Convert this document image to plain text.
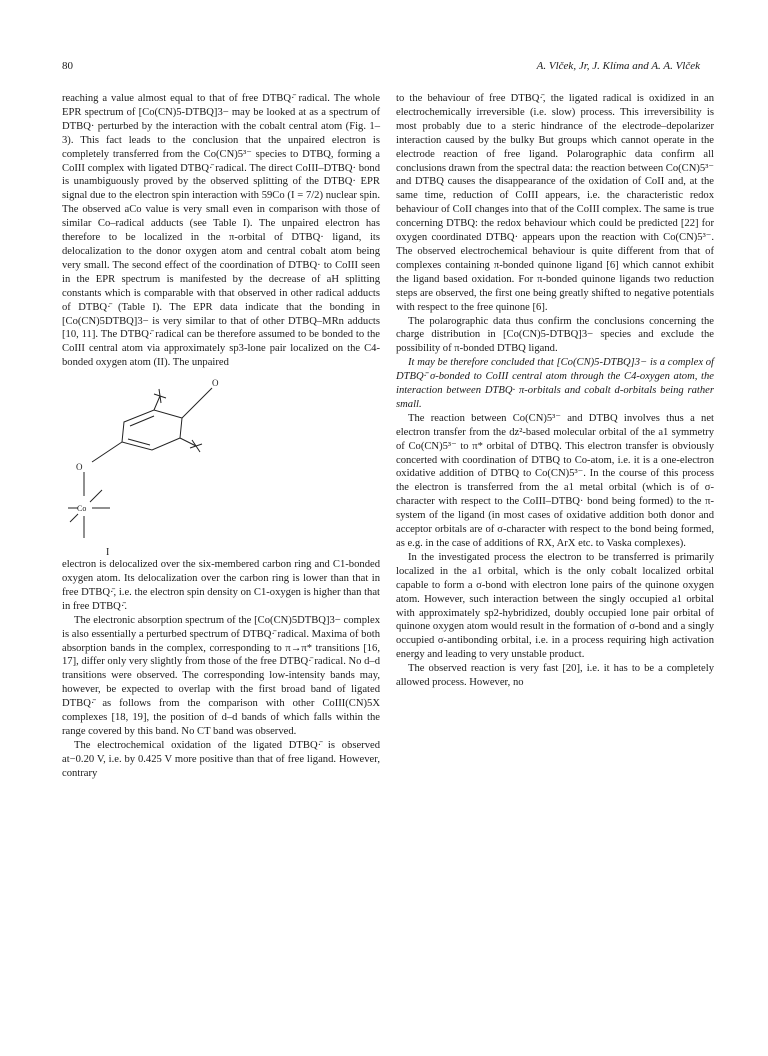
80	A. Vlček, Jr, J. Klíma and A. A. Vlček

reaching a value almost equal to that of free DTBQ·̄ radical. The whole EPR spectrum of [Co(CN)5-DTBQ]3− may be looked at as a spectrum of DTBQ· perturbed by the interaction with the cobalt central atom (Fig. 1–3). This fact leads to the conclusion that the unpaired electron is completely transferred from the Co(CN)5³⁻ species to DTBQ, forming a CoIII complex with ligated DTBQ·̄ radical. The direct CoIII–DTBQ· bond is unambiguously proved by the observed splitting of the DTBQ· EPR signal due to the electron spin interaction with 59Co (I = 7/2) nuclear spin. The observed aCo value is very small even in comparison with those of similar Co–radical adducts (see Table I). The unpaired electron has therefore to be localized in the π-orbital of DTBQ· ligand, its delocalization to the donor oxygen atom and central cobalt atom being very small. The second effect of the coordination of DTBQ· to CoIII seen in the EPR spectrum is manifested by the decrease of aH splitting constants which is comparable with that observed in other radical adducts of DTBQ·̄ (Table I). The EPR data indicate that the bonding in [Co(CN)5DTBQ]3− is very similar to that of other DTBQ–MRn adducts [10, 11]. The DTBQ·̄ radical can be therefore assumed to be bonded to the CoIII central atom via approximately sp3-lone pair localized on the C4-bonded oxygen atom (II). The unpaired

O
O
Co
I

electron is delocalized over the six-membered carbon ring and C1-bonded oxygen atom. Its delocalization over the carbon ring is lower than that in free DTBQ·̄, i.e. the electron spin density on C1-oxygen is higher than that in free DTBQ·̄.

The electronic absorption spectrum of the [Co(CN)5DTBQ]3− complex is also essentially a perturbed spectrum of DTBQ·̄ radical. Maxima of both absorption bands in the complex, corresponding to π→π* transitions [16, 17], differ only very slightly from those of the free DTBQ·̄ radical. No d–d transitions were observed. The corresponding low-intensity bands may, however, be expected to overlap with the first broad band of ligated DTBQ·̄ as follows from the comparison with other CoIII(CN)5X complexes [18, 19], the position of d–d bands of which falls within the range covered by this band. No CT band was observed.

The electrochemical oxidation of the ligated DTBQ·̄ is observed at−0.20 V, i.e. by 0.425 V more positive than that of free ligand. However, contrary

to the behaviour of free DTBQ·̄, the ligated radical is oxidized in an electrochemically irreversible (i.e. slow) process. This irreversibility is most probably due to a steric hindrance of the electrode–depolarizer interaction caused by the bulky But groups which cannot operate in the electrode reaction of free ligand. Polarographic data confirm all conclusions drawn from the spectral data: the reaction between Co(CN)5³⁻ and DTBQ causes the disappearance of the oxidation of CoII and, at the same time, reduction of CoIII appears, i.e. the characteristic redox behaviour of CoII changes into that of the CoIII complex. The same is true concerning DTBQ: the redox behaviour which could be predicted [22] for oxygen coordinated DTBQ· appears upon the reaction with Co(CN)5³⁻. The observed electrochemical behaviour is quite different from that of complexes containing π-bonded quinone ligand [6] which cannot exhibit the ligand based oxidation. For π-bonded quinone ligands two reduction steps are observed, the first one being greatly shifted to negative potentials with respect to the free quinone [6].

The polarographic data thus confirm the conclusions concerning the charge distribution in [Co(CN)5-DTBQ]3− species and exclude the possibility of π-bonded DTBQ ligand.

It may be therefore concluded that [Co(CN)5-DTBQ]3− is a complex of DTBQ·̄ σ-bonded to CoIII central atom through the C4-oxygen atom, the interaction between DTBQ· π-orbitals and cobalt d-orbitals being rather small.

The reaction between Co(CN)5³⁻ and DTBQ involves thus a net electron transfer from the dz²-based molecular orbital of the a1 symmetry of Co(CN)5³⁻ to π* orbital of DTBQ. This electron transfer is obviously concerted with coordination of DTBQ to Co-atom, i.e. it is a one-electron oxidative addition of DTBQ to Co(CN)5³⁻. In the course of this process the electron is transferred from the a1 metal orbital (which is of σ-character with respect to the CoIII–DTBQ· bond being formed) to the π-system of the ligand (in most cases of oxidative addition both donor and acceptor orbitals are of σ-character with respect to the bond being formed, as e.g. in the case of additions of RX, ArX etc. to Vaska complexes).

In the investigated process the electron to be transferred is primarily localized in the a1 orbital, which is the only cobalt localized orbital capable to form a σ-bond with electron lone pairs of the quinone oxygen atom. However, such interaction between the singly occupied a1 orbital with approximately sp2-hybridized, doubly occupied lone pair orbital of quinone oxygen atom would result in the formation of σ-bond and a singly occupied σ-antibonding orbital, i.e. in a process requiring high activation energy and leading to very unstable product.

The observed reaction is very fast [20], i.e. it has to be a completely allowed process. However, no
